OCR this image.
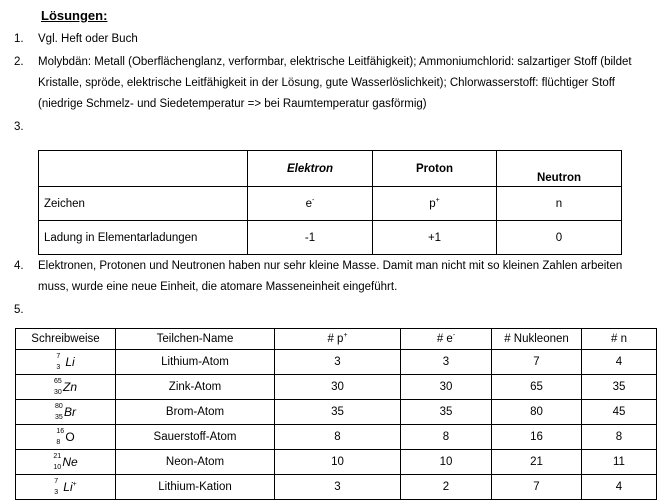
Lösungen:
1.	Vgl. Heft oder Buch
2.	Molybdän: Metall (Oberflächenglanz, verformbar, elektrische Leitfähigkeit); Ammoniumchlorid: salzartiger Stoff (bildet Kristalle, spröde, elektrische Leitfähigkeit in der Lösung, gute Wasserlöslichkeit); Chlorwasserstoff: flüchtiger Stoff (niedrige Schmelz- und Siedetemperatur => bei Raumtemperatur gasförmig)
3.
	Elektron	Proton	Neutron
Zeichen	e-	p+	n
Ladung in Elementarladungen	-1	+1	0
4.	Elektronen, Protonen und Neutronen haben nur sehr kleine Masse. Damit man nicht mit so kleinen Zahlen arbeiten muss, wurde eine neue Einheit, die atomare Masseneinheit eingeführt.
5.
Schreibweise	Teilchen-Name	# p+	# e-	# Nukleonen	# n

7
3 Li	Lithium-Atom	3	3	7	4

65
30 Zn	Zink-Atom	30	30	65	35

80
35 Br	Brom-Atom	35	35	80	45

16
8 O	Sauerstoff-Atom	8	8	16	8

21
10 Ne	Neon-Atom	10	10	21	11

7
3 Li+	Lithium-Kation	3	2	7	4
